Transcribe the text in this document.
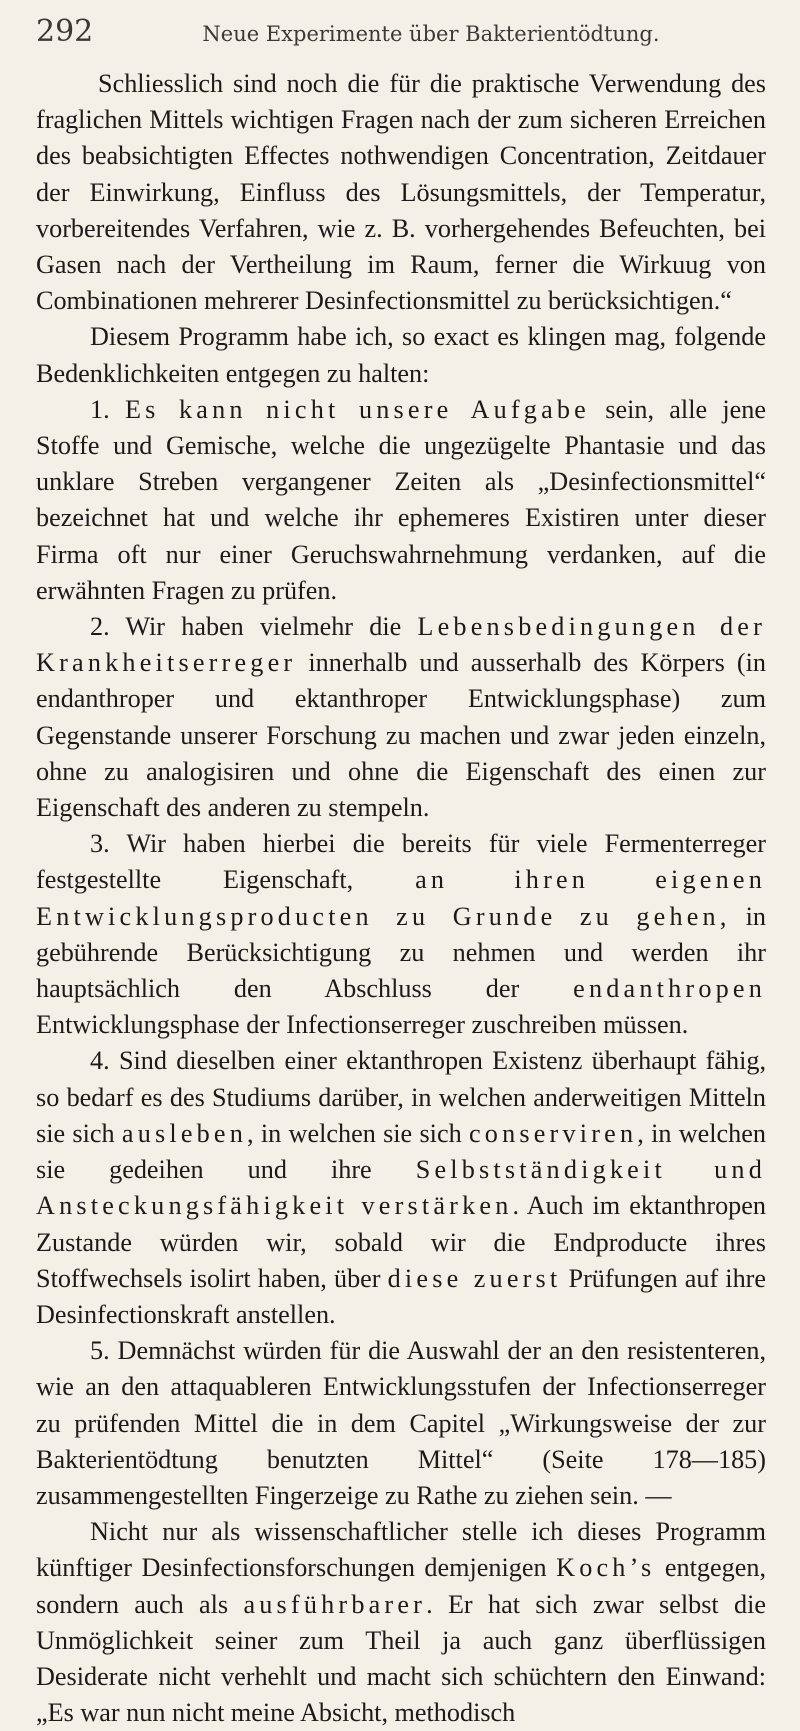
292	Neue Experimente über Bakterientödtung.

Schliesslich sind noch die für die praktische Verwendung des fraglichen Mittels wichtigen Fragen nach der zum sicheren Erreichen des beabsichtigten Effectes nothwendigen Concentration, Zeitdauer der Einwirkung, Einfluss des Lösungsmittels, der Temperatur, vorbereitendes Verfahren, wie z. B. vorhergehendes Befeuchten, bei Gasen nach der Vertheilung im Raum, ferner die Wirkuug von Combinationen mehrerer Desinfectionsmittel zu berücksichtigen.“

Diesem Programm habe ich, so exact es klingen mag, folgende Bedenklichkeiten entgegen zu halten:

1. Es kann nicht unsere Aufgabe sein, alle jene Stoffe und Gemische, welche die ungezügelte Phantasie und das unklare Streben vergangener Zeiten als „Desinfectionsmittel“ bezeichnet hat und welche ihr ephemeres Existiren unter dieser Firma oft nur einer Geruchswahrnehmung verdanken, auf die erwähnten Fragen zu prüfen.

2. Wir haben vielmehr die Lebensbedingungen der Krankheitserreger innerhalb und ausserhalb des Körpers (in endanthroper und ektanthroper Entwicklungsphase) zum Gegenstande unserer Forschung zu machen und zwar jeden einzeln, ohne zu analogisiren und ohne die Eigenschaft des einen zur Eigenschaft des anderen zu stempeln.

3. Wir haben hierbei die bereits für viele Fermenterreger festgestellte Eigenschaft, an ihren eigenen Entwicklungsproducten zu Grunde zu gehen, in gebührende Berücksichtigung zu nehmen und werden ihr hauptsächlich den Abschluss der endanthropen Entwicklungsphase der Infectionserreger zuschreiben müssen.

4. Sind dieselben einer ektanthropen Existenz überhaupt fähig, so bedarf es des Studiums darüber, in welchen anderweitigen Mitteln sie sich ausleben, in welchen sie sich conserviren, in welchen sie gedeihen und ihre Selbstständigkeit und Ansteckungsfähigkeit verstärken. Auch im ektanthropen Zustande würden wir, sobald wir die Endproducte ihres Stoffwechsels isolirt haben, über diese zuerst Prüfungen auf ihre Desinfectionskraft anstellen.

5. Demnächst würden für die Auswahl der an den resistenteren, wie an den attaquableren Entwicklungsstufen der Infectionserreger zu prüfenden Mittel die in dem Capitel „Wirkungsweise der zur Bakterientödtung benutzten Mittel“ (Seite 178—185) zusammengestellten Fingerzeige zu Rathe zu ziehen sein. —

Nicht nur als wissenschaftlicher stelle ich dieses Programm künftiger Desinfectionsforschungen demjenigen Koch’s entgegen, sondern auch als ausführbarer. Er hat sich zwar selbst die Unmöglichkeit seiner zum Theil ja auch ganz überflüssigen Desiderate nicht verhehlt und macht sich schüchtern den Einwand: „Es war nun nicht meine Absicht, methodisch
